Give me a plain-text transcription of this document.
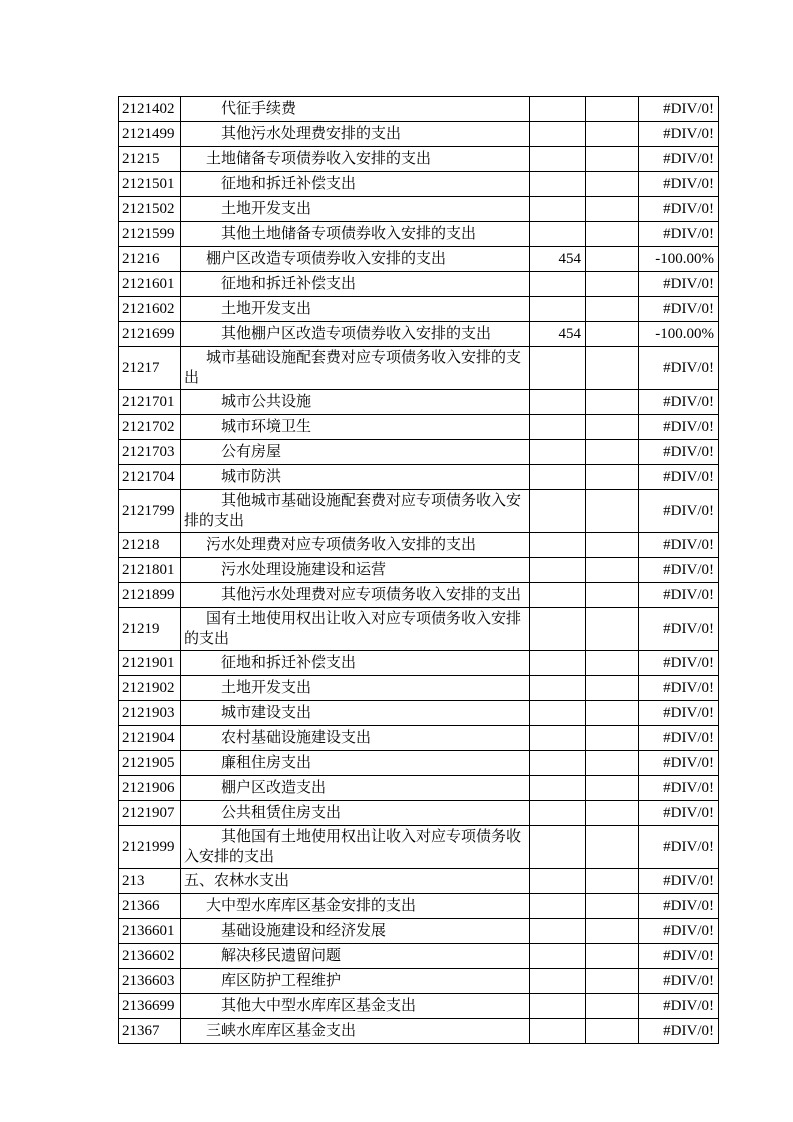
2121402	代征手续费			#DIV/0!
2121499	其他污水处理费安排的支出			#DIV/0!
21215	土地储备专项债券收入安排的支出			#DIV/0!
2121501	征地和拆迁补偿支出			#DIV/0!
2121502	土地开发支出			#DIV/0!
2121599	其他土地储备专项债券收入安排的支出			#DIV/0!
21216	棚户区改造专项债券收入安排的支出	454		-100.00%
2121601	征地和拆迁补偿支出			#DIV/0!
2121602	土地开发支出			#DIV/0!
2121699	其他棚户区改造专项债券收入安排的支出	454		-100.00%
21217	城市基础设施配套费对应专项债务收入安排的支出			#DIV/0!
2121701	城市公共设施			#DIV/0!
2121702	城市环境卫生			#DIV/0!
2121703	公有房屋			#DIV/0!
2121704	城市防洪			#DIV/0!
2121799	其他城市基础设施配套费对应专项债务收入安排的支出			#DIV/0!
21218	污水处理费对应专项债务收入安排的支出			#DIV/0!
2121801	污水处理设施建设和运营			#DIV/0!
2121899	其他污水处理费对应专项债务收入安排的支出			#DIV/0!
21219	国有土地使用权出让收入对应专项债务收入安排的支出			#DIV/0!
2121901	征地和拆迁补偿支出			#DIV/0!
2121902	土地开发支出			#DIV/0!
2121903	城市建设支出			#DIV/0!
2121904	农村基础设施建设支出			#DIV/0!
2121905	廉租住房支出			#DIV/0!
2121906	棚户区改造支出			#DIV/0!
2121907	公共租赁住房支出			#DIV/0!
2121999	其他国有土地使用权出让收入对应专项债务收入安排的支出			#DIV/0!
213	五、农林水支出			#DIV/0!
21366	大中型水库库区基金安排的支出			#DIV/0!
2136601	基础设施建设和经济发展			#DIV/0!
2136602	解决移民遗留问题			#DIV/0!
2136603	库区防护工程维护			#DIV/0!
2136699	其他大中型水库库区基金支出			#DIV/0!
21367	三峡水库库区基金支出			#DIV/0!
